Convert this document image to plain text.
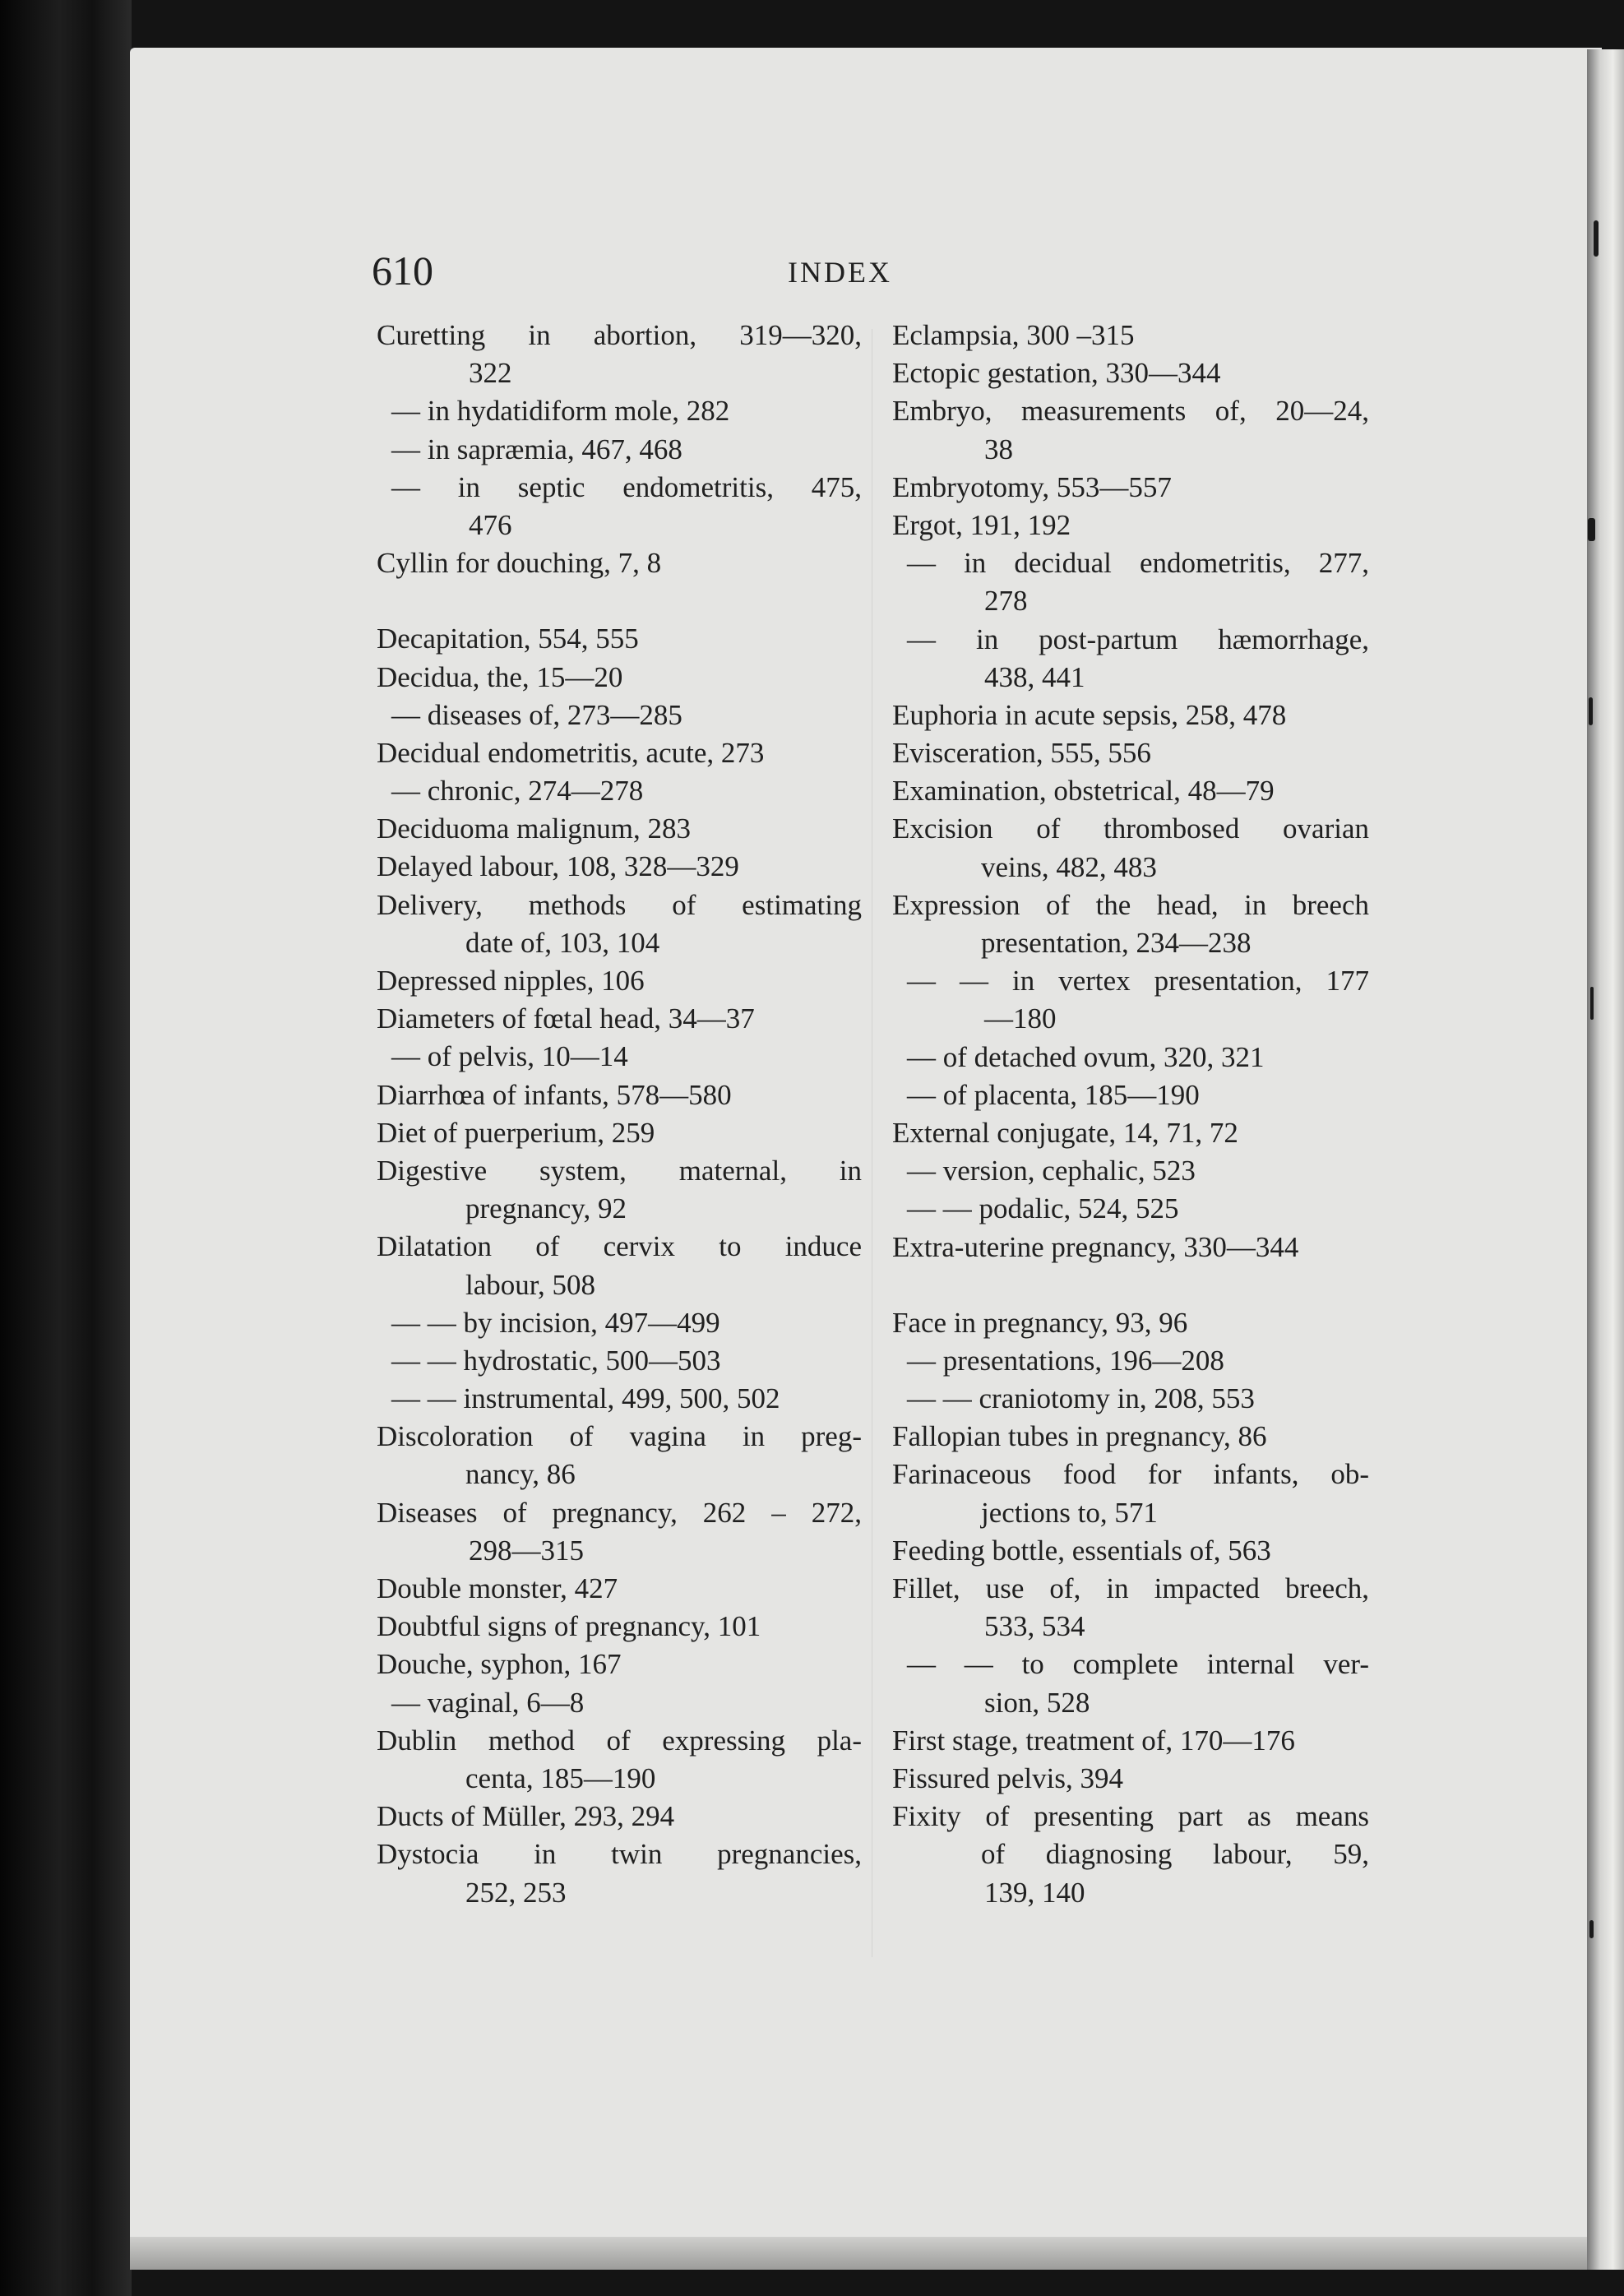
610	INDEX
Curetting in abortion, 319—320,
322
— in hydatidiform mole, 282
— in sapræmia, 467, 468
— in septic endometritis, 475,
476
Cyllin for douching, 7, 8
Decapitation, 554, 555
Decidua, the, 15—20
— diseases of, 273—285
Decidual endometritis, acute, 273
— chronic, 274—278
Deciduoma malignum, 283
Delayed labour, 108, 328—329
Delivery, methods of estimating
date of, 103, 104
Depressed nipples, 106
Diameters of fœtal head, 34—37
— of pelvis, 10—14
Diarrhœa of infants, 578—580
Diet of puerperium, 259
Digestive system, maternal, in
pregnancy, 92
Dilatation of cervix to induce
labour, 508
— — by incision, 497—499
— — hydrostatic, 500—503
— — instrumental, 499, 500, 502
Discoloration of vagina in preg-
nancy, 86
Diseases of pregnancy, 262 – 272,
298—315
Double monster, 427
Doubtful signs of pregnancy, 101
Douche, syphon, 167
— vaginal, 6—8
Dublin method of expressing pla-
centa, 185—190
Ducts of Müller, 293, 294
Dystocia in twin pregnancies,
252, 253
Eclampsia, 300 –315
Ectopic gestation, 330—344
Embryo, measurements of, 20—24,
38
Embryotomy, 553—557
Ergot, 191, 192
— in decidual endometritis, 277,
278
— in post-partum hæmorrhage,
438, 441
Euphoria in acute sepsis, 258, 478
Evisceration, 555, 556
Examination, obstetrical, 48—79
Excision of thrombosed ovarian
veins, 482, 483
Expression of the head, in breech
presentation, 234—238
— — in vertex presentation, 177
—180
— of detached ovum, 320, 321
— of placenta, 185—190
External conjugate, 14, 71, 72
— version, cephalic, 523
— — podalic, 524, 525
Extra-uterine pregnancy, 330—344
Face in pregnancy, 93, 96
— presentations, 196—208
— — craniotomy in, 208, 553
Fallopian tubes in pregnancy, 86
Farinaceous food for infants, ob-
jections to, 571
Feeding bottle, essentials of, 563
Fillet, use of, in impacted breech,
533, 534
— — to complete internal ver-
sion, 528
First stage, treatment of, 170—176
Fissured pelvis, 394
Fixity of presenting part as means
of diagnosing labour, 59,
139, 140
